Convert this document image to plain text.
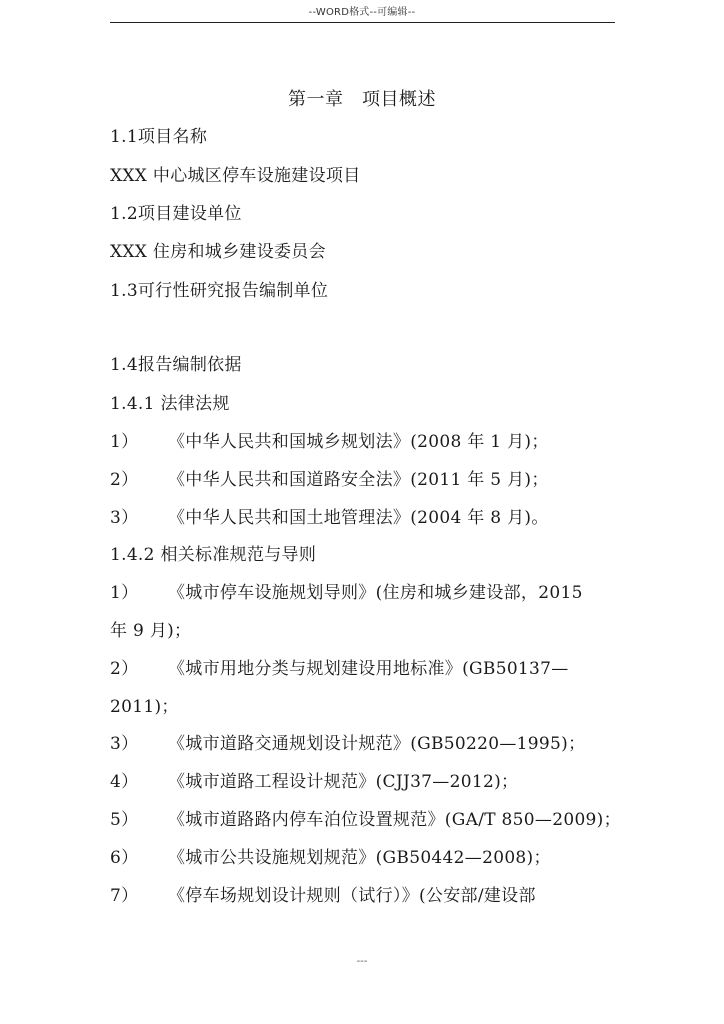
--WORD格式--可编辑--
第一章　项目概述
1.1项目名称
XXX 中心城区停车设施建设项目
1.2项目建设单位
XXX 住房和城乡建设委员会
1.3可行性研究报告编制单位
1.4报告编制依据
1.4.1 法律法规
1） 《中华人民共和国城乡规划法》(2008 年 1 月)；
2） 《中华人民共和国道路安全法》(2011 年 5 月)；
3） 《中华人民共和国土地管理法》(2004 年 8 月)。
1.4.2 相关标准规范与导则
1） 《城市停车设施规划导则》(住房和城乡建设部，2015
年 9 月)；
2） 《城市用地分类与规划建设用地标准》(GB50137—
2011)；
3） 《城市道路交通规划设计规范》(GB50220—1995)；
4） 《城市道路工程设计规范》(CJJ37—2012)；
5） 《城市道路路内停车泊位设置规范》(GA/T 850—2009)；
6） 《城市公共设施规划规范》(GB50442—2008)；
7） 《停车场规划设计规则（试行）》(公安部/建设部
---
